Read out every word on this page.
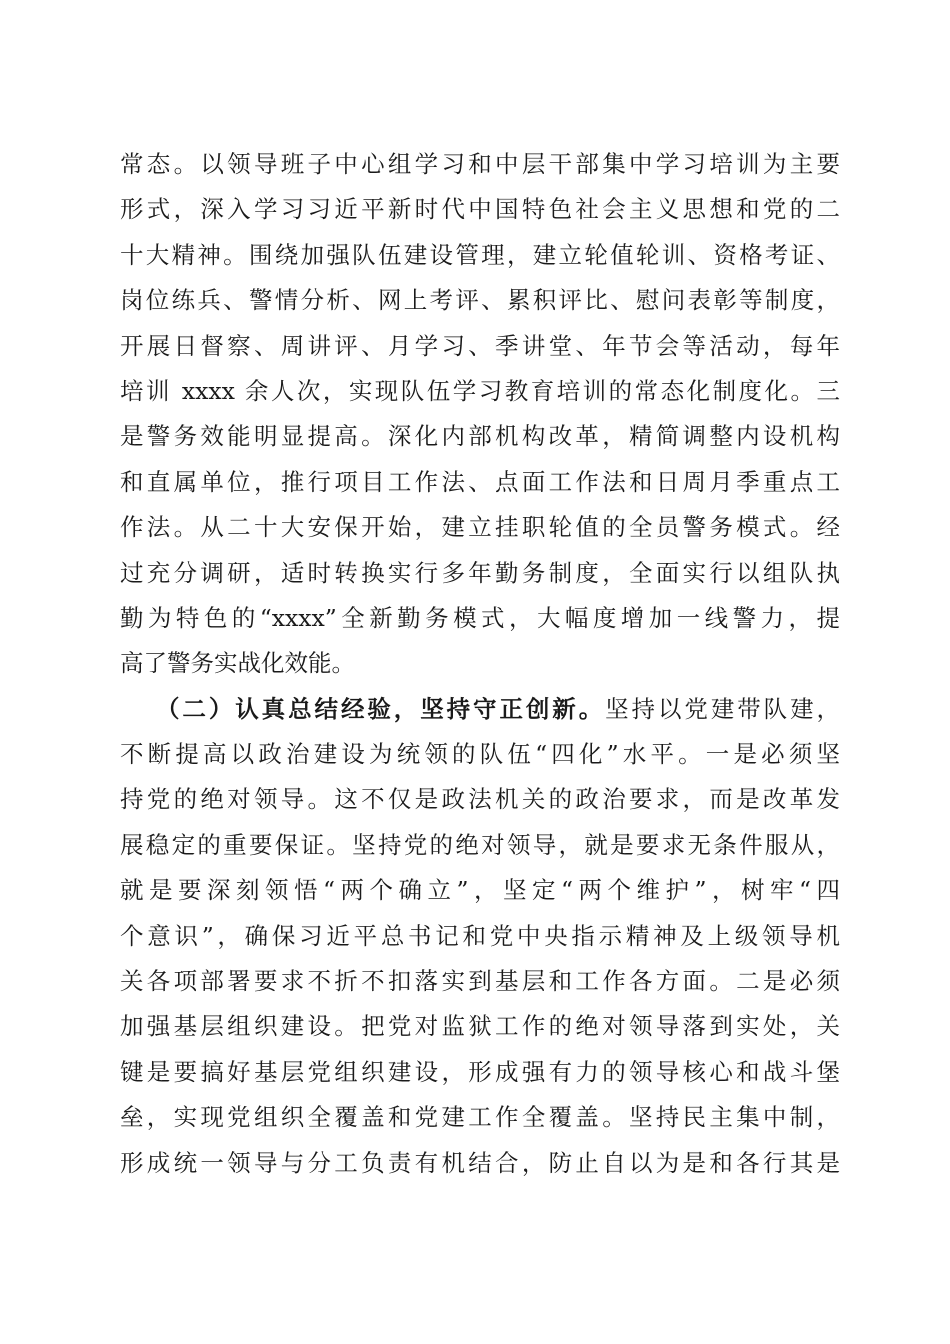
常态。以领导班子中心组学习和中层干部集中学习培训为主要
形式，深入学习习近平新时代中国特色社会主义思想和党的二
十大精神。围绕加强队伍建设管理，建立轮值轮训、资格考证、
岗位练兵、警情分析、网上考评、累积评比、慰问表彰等制度，
开展日督察、周讲评、月学习、季讲堂、年节会等活动，每年
培训 xxxx 余人次，实现队伍学习教育培训的常态化制度化。三
是警务效能明显提高。深化内部机构改革，精简调整内设机构
和直属单位，推行项目工作法、点面工作法和日周月季重点工
作法。从二十大安保开始，建立挂职轮值的全员警务模式。经
过充分调研，适时转换实行多年勤务制度，全面实行以组队执
勤为特色的“xxxx”全新勤务模式，大幅度增加一线警力，提
高了警务实战化效能。
（二）认真总结经验，坚持守正创新。坚持以党建带队建，
不断提高以政治建设为统领的队伍“四化”水平。一是必须坚
持党的绝对领导。这不仅是政法机关的政治要求，而是改革发
展稳定的重要保证。坚持党的绝对领导，就是要求无条件服从，
就是要深刻领悟“两个确立”，坚定“两个维护”，树牢“四
个意识”，确保习近平总书记和党中央指示精神及上级领导机
关各项部署要求不折不扣落实到基层和工作各方面。二是必须
加强基层组织建设。把党对监狱工作的绝对领导落到实处，关
键是要搞好基层党组织建设，形成强有力的领导核心和战斗堡
垒，实现党组织全覆盖和党建工作全覆盖。坚持民主集中制，
形成统一领导与分工负责有机结合，防止自以为是和各行其是
